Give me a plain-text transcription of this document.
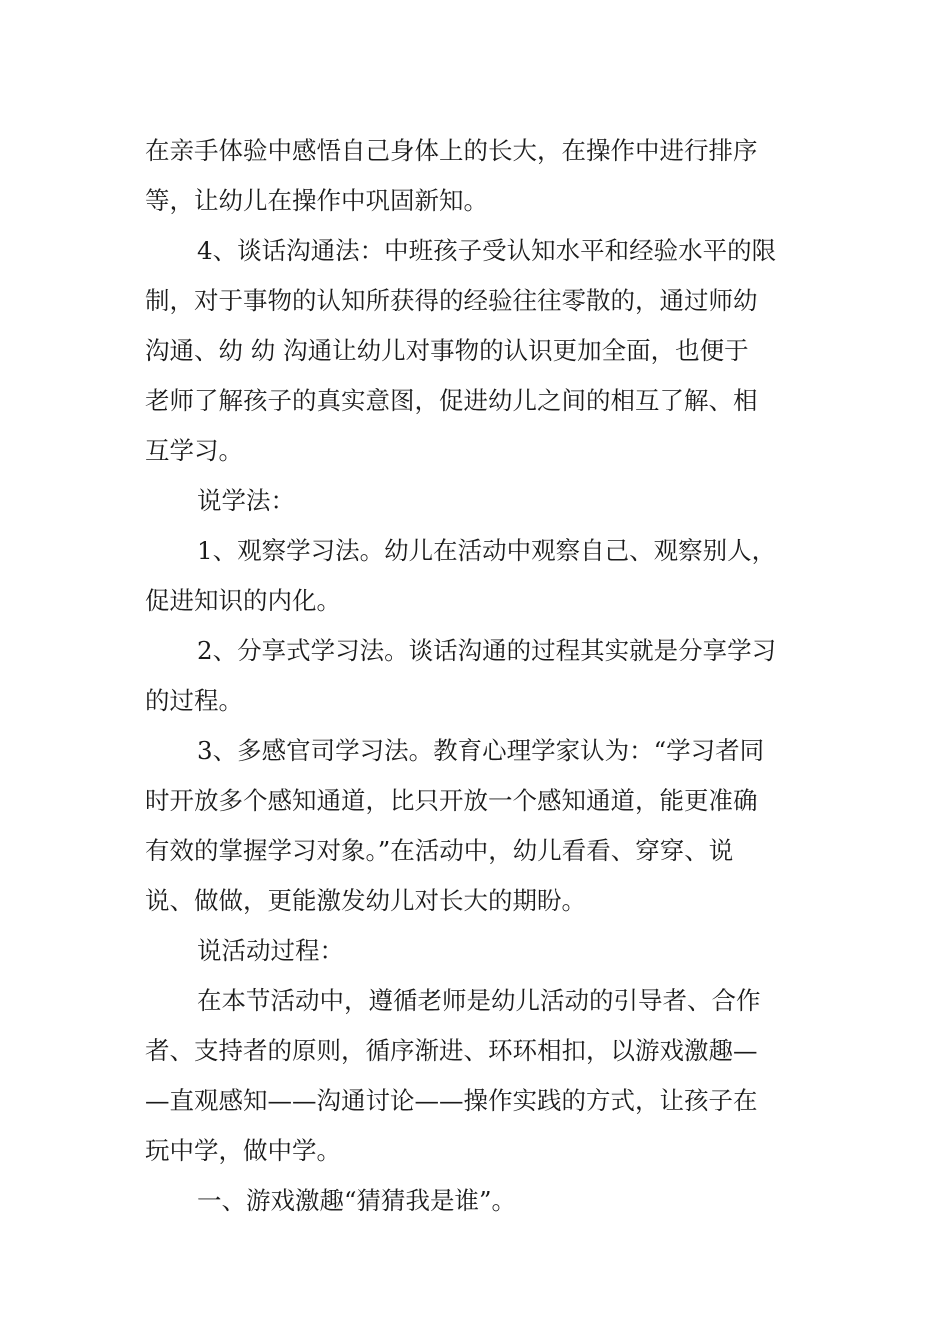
在亲手体验中感悟自己身体上的长大，在操作中进行排序
等，让幼儿在操作中巩固新知。
4、谈话沟通法：中班孩子受认知水平和经验水平的限
制，对于事物的认知所获得的经验往往零散的，通过师幼
沟通、幼 幼 沟通让幼儿对事物的认识更加全面，也便于
老师了解孩子的真实意图，促进幼儿之间的相互了解、相
互学习。
说学法：
1、观察学习法。幼儿在活动中观察自己、观察别人，
促进知识的内化。
2、分享式学习法。谈话沟通的过程其实就是分享学习
的过程。
3、多感官司学习法。教育心理学家认为：“学习者同
时开放多个感知通道，比只开放一个感知通道，能更准确
有效的掌握学习对象。”在活动中，幼儿看看、穿穿、说
说、做做，更能激发幼儿对长大的期盼。
说活动过程：
在本节活动中，遵循老师是幼儿活动的引导者、合作
者、支持者的原则，循序渐进、环环相扣，以游戏激趣—
—直观感知——沟通讨论——操作实践的方式，让孩子在
玩中学，做中学。
一、游戏激趣“猜猜我是谁”。
